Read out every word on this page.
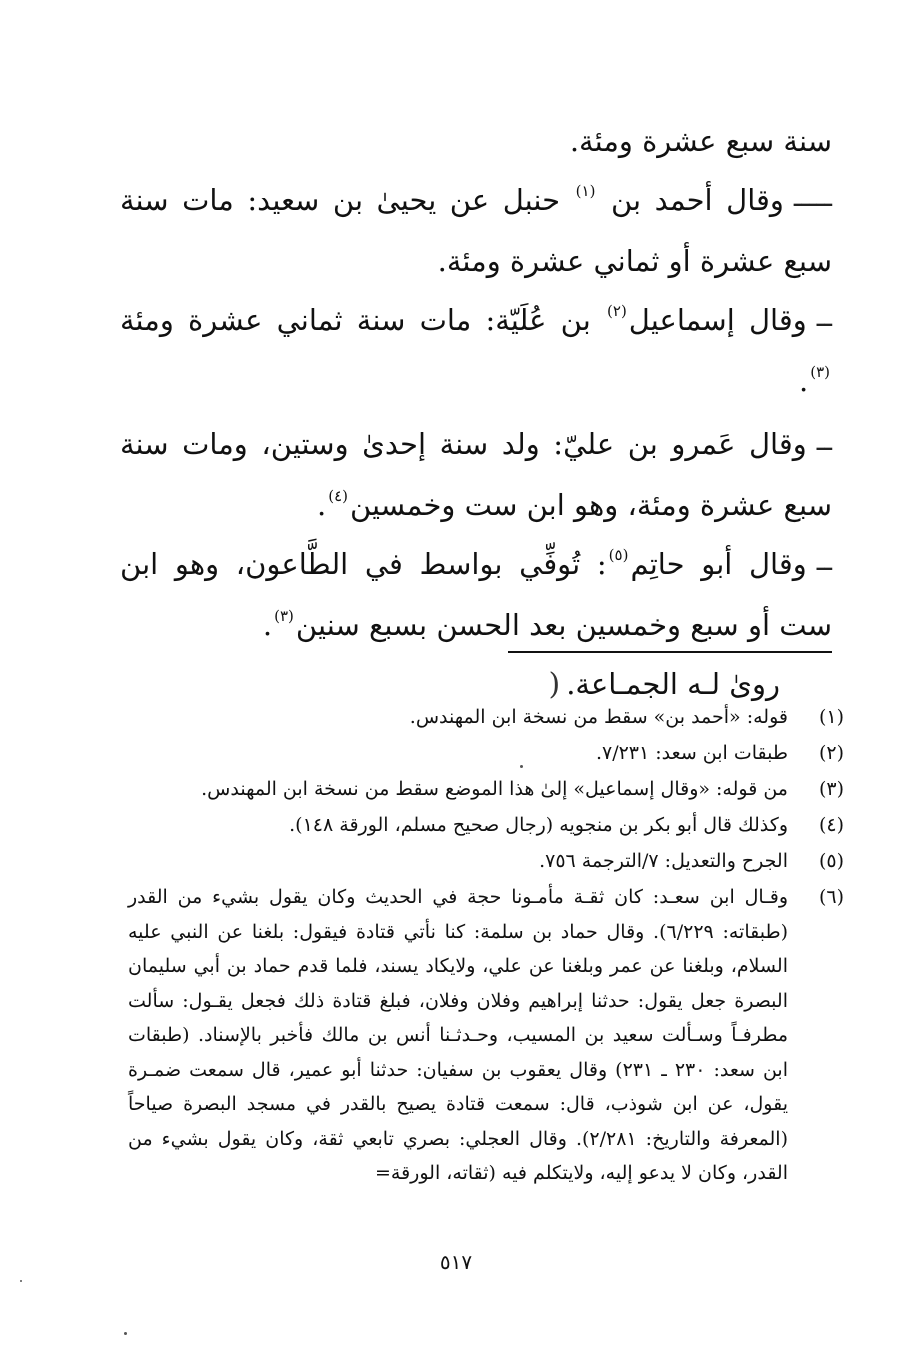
سنة سبع عشرة ومئة.

ـــــوقال أحمد بن $^{(١)}$ حنبل عن يحيىٰ بن سعيد: مات سنة سبع عشرة أو ثماني عشرة ومئة.

ــوقال إسماعيل$^{(٢)}$ بن عُلَيّة: مات سنة ثماني عشرة ومئة $^{(٣)}$.

ــوقال عَمرو بن عليّ: ولد سنة إحدىٰ وستين، ومات سنة سبع عشرة ومئة، وهو ابن ست وخمسين$^{(٤)}$.

ــوقال أبو حاتِم$^{(٥)}$: تُوفِّي بواسط في الطَّاعون، وهو ابن ست أو سبع وخمسين بعد الحسن بسبع سنين$^{(٣)}$.

روىٰ لـه الجمـاعة.(

(١)
قوله: «أحمد بن» سقط من نسخة ابن المهندس.
(٢)
طبقات ابن سعد: ٧/٢٣١.
(٣)
من قوله: «وقال إسماعيل» إلىٰ هذا الموضع سقط من نسخة ابن المهندس.
(٤)
وكذلك قال أبو بكر بن منجويه (رجال صحيح مسلم، الورقة ١٤٨).
(٥)
الجرح والتعديل: ٧/الترجمة ٧٥٦.
(٦)
وقـال ابن سعـد: كان ثقـة مأمـونا حجة في الحديث وكان يقول بشيء من القدر (طبقاته: ٦/٢٢٩). وقال حماد بن سلمة: كنا نأتي قتادة فيقول: بلغنا عن النبي عليه السلام، وبلغنا عن عمر وبلغنا عن علي، ولايكاد يسند، فلما قدم حماد بن أبي سليمان البصرة جعل يقول: حدثنا إبراهيم وفلان وفلان، فبلغ قتادة ذلك فجعل يقـول: سألت مطرفـاً وسـألت سعيد بن المسيب، وحـدثـنا أنس بن مالك فأخبر بالإسناد. (طبقات ابن سعد: ٢٣٠ ـ ٢٣١) وقال يعقوب بن سفيان: حدثنا أبو عمير، قال سمعت ضمـرة يقول، عن ابن شوذب، قال: سمعت قتادة يصيح بالقدر في مسجد البصرة صياحاً (المعرفة والتاريخ: ٢/٢٨١). وقال العجلي: بصري تابعي ثقة، وكان يقول بشيء من القدر، وكان لا يدعو إليه، ولايتكلم فيه (ثقاته، الورقة=
٥١٧
